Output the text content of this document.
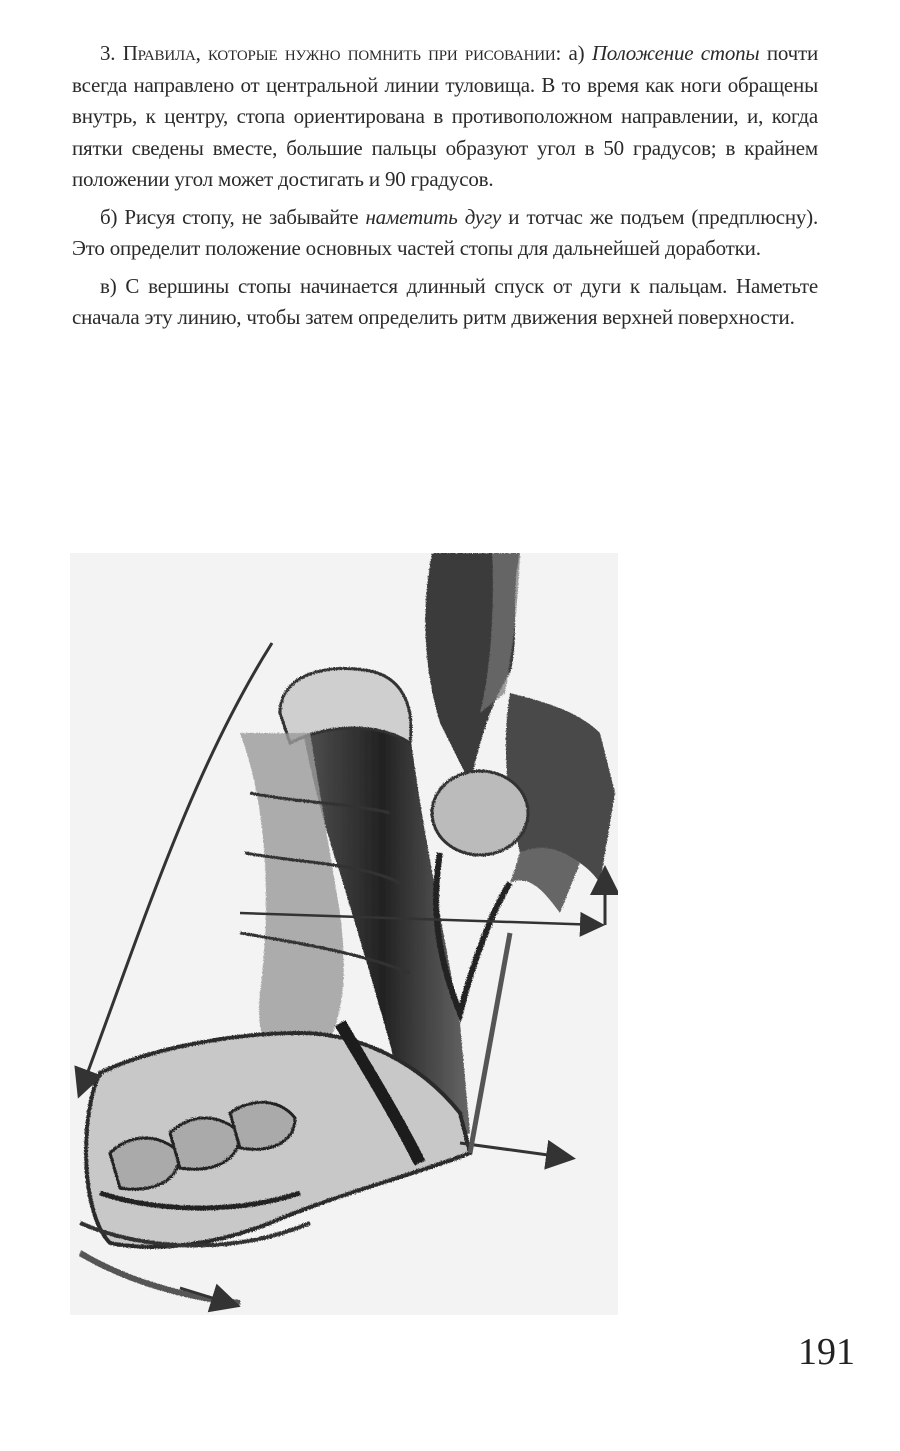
3. Правила, которые нужно помнить при рисовании: а) Положение стопы почти всегда направлено от центральной линии туловища. В то время как ноги обращены внутрь, к центру, стопа ориентирована в противоположном направлении, и, когда пятки сведены вместе, большие пальцы образуют угол в 50 градусов; в крайнем положении угол может достигать и 90 градусов.

б) Рисуя стопу, не забывайте наметить дугу и тотчас же подъем (предплюсну). Это определит положение основных частей стопы для дальнейшей доработки.

в) С вершины стопы начинается длинный спуск от дуги к пальцам. Наметьте сначала эту линию, чтобы затем определить ритм движения верхней поверхности.

191
